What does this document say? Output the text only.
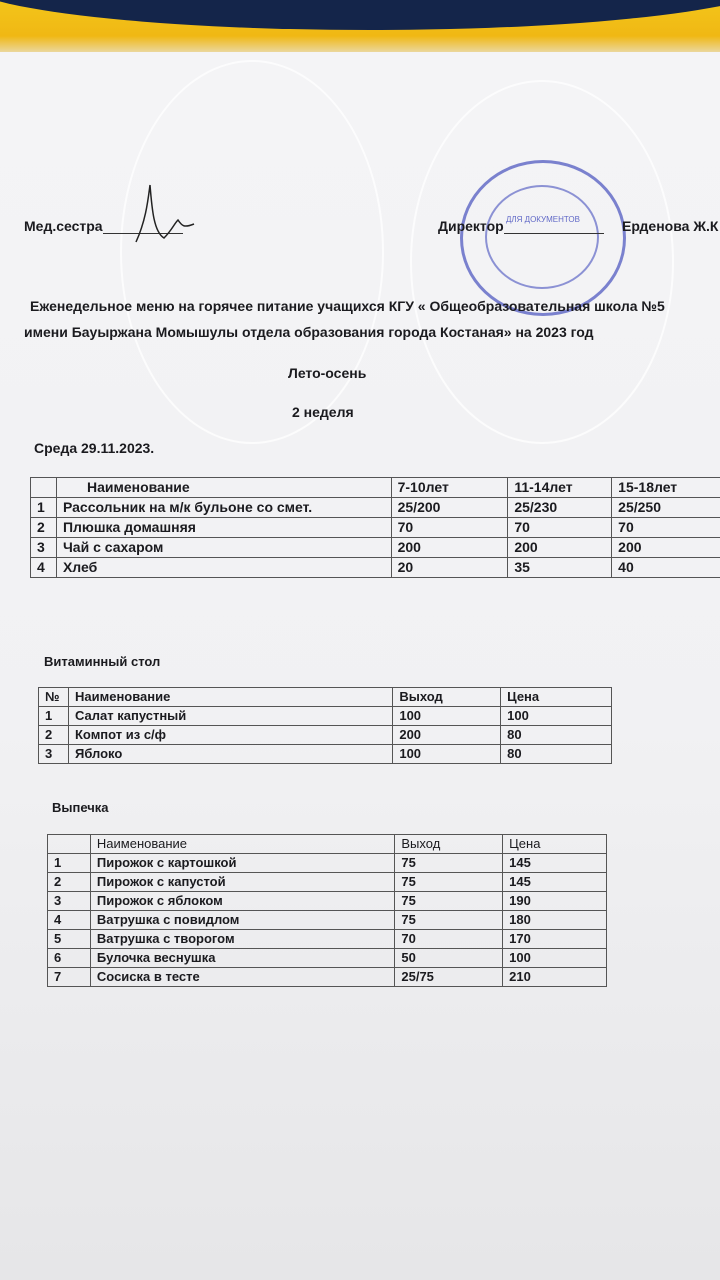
Мед.сестра	ДЛЯ ДОКУМЕНТОВ
Директор	Ерденова Ж.К
Еженедельное меню на горячее питание учащихся КГУ « Общеобразовательная школа №5
имени Бауыржана Момышулы отдела образования города Костаная» на 2023 год
Лето-осень
2 неделя
Среда 29.11.2023.
	Наименование	7-10лет	11-14лет	15-18лет
1	Рассольник на м/к бульоне со смет.	25/200	25/230	25/250
2	Плюшка домашняя	70	70	70
3	Чай с сахаром	200	200	200
4	Хлеб	20	35	40
Витаминный стол
№	Наименование	Выход	Цена
1	Салат капустный	100	100
2	Компот из с/ф	200	80
3	Яблоко	100	80
Выпечка
	Наименование	Выход	Цена
1	Пирожок с картошкой	75	145
2	Пирожок с капустой	75	145
3	Пирожок с яблоком	75	190
4	Ватрушка с повидлом	75	180
5	Ватрушка с творогом	70	170
6	Булочка веснушка	50	100
7	Сосиска в тесте	25/75	210
